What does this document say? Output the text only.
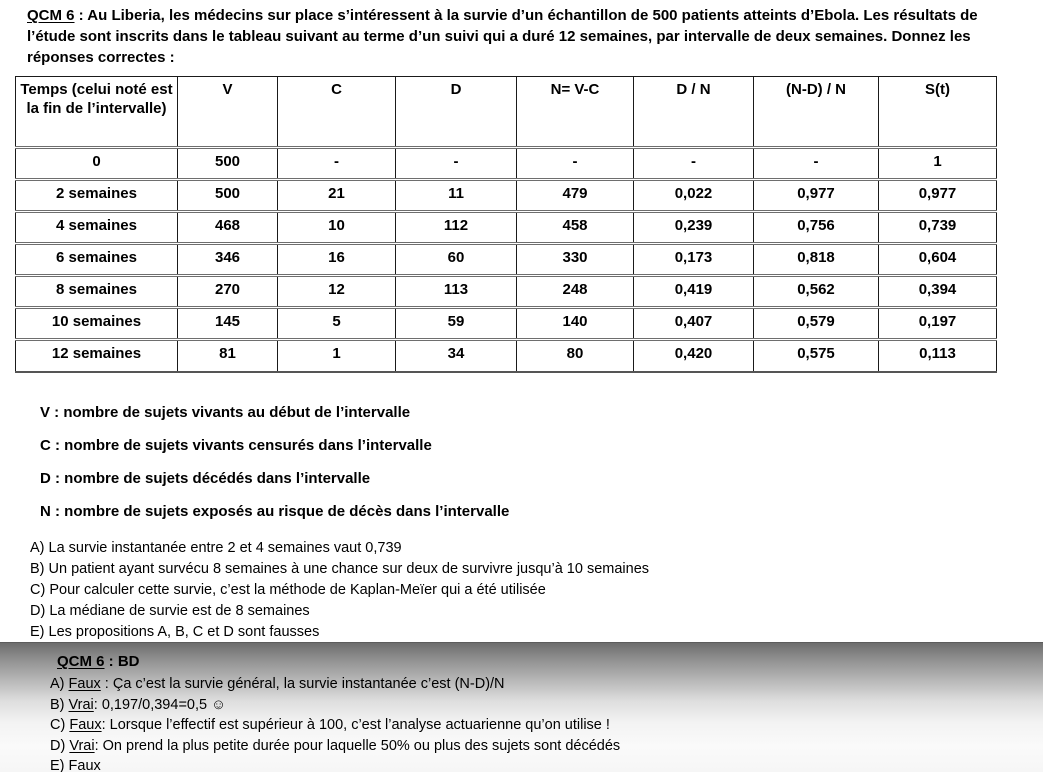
QCM 6 : Au Liberia, les médecins sur place s’intéressent à la survie d’un échantillon de 500 patients atteints d’Ebola. Les résultats de l’étude sont inscrits dans le tableau suivant au terme d’un suivi qui a duré 12 semaines, par intervalle de deux semaines. Donnez les réponses correctes :
Temps (celui noté est la fin de l’intervalle)	V	C	D	N= V-C	D / N	(N-D) / N	S(t)
0	500	-	-	-	-	-	1
2 semaines	500	21	11	479	0,022	0,977	0,977
4 semaines	468	10	112	458	0,239	0,756	0,739
6 semaines	346	16	60	330	0,173	0,818	0,604
8 semaines	270	12	113	248	0,419	0,562	0,394
10 semaines	145	5	59	140	0,407	0,579	0,197
12 semaines	81	1	34	80	0,420	0,575	0,113
V : nombre de sujets vivants au début de l’intervalle
C : nombre de sujets vivants censurés dans l’intervalle
D : nombre de sujets décédés dans l’intervalle
N : nombre de sujets exposés au risque de décès dans l’intervalle
A) La survie instantanée entre 2 et 4 semaines vaut 0,739
B) Un patient ayant survécu 8 semaines à une chance sur deux de survivre jusqu’à 10 semaines
C) Pour calculer cette survie, c’est la méthode de Kaplan-Meïer qui a été utilisée
D) La médiane de survie est de 8 semaines
E) Les propositions A, B, C et D sont fausses
QCM 6 : BD
A) Faux : Ça c’est la survie général, la survie instantanée c’est (N-D)/N
B) Vrai: 0,197/0,394=0,5 ☺
C) Faux: Lorsque l’effectif est supérieur à 100, c’est l’analyse actuarienne qu’on utilise !
D) Vrai: On prend la plus petite durée pour laquelle 50% ou plus des sujets sont décédés
E) Faux
